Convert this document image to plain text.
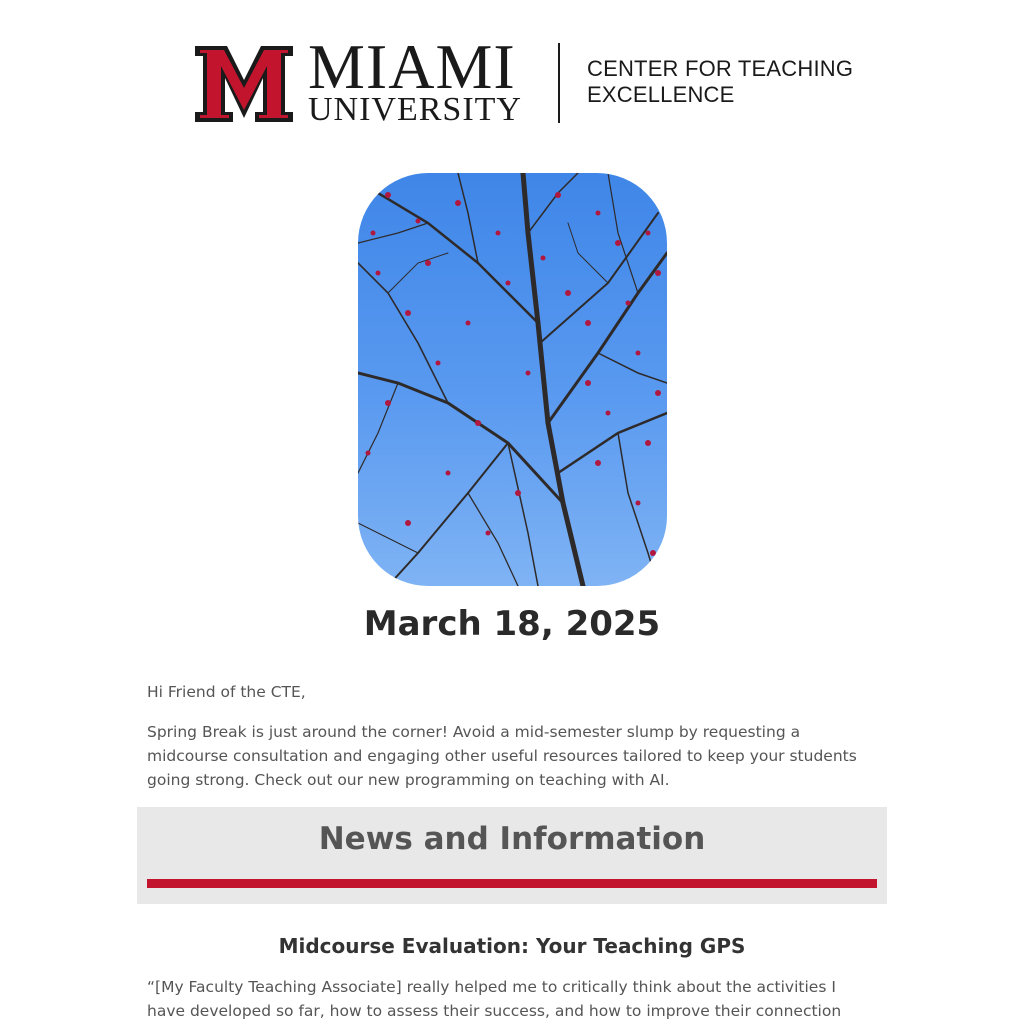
MIAMI
UNIVERSITY
CENTER FOR TEACHING
EXCELLENCE
March 18, 2025

Hi Friend of the CTE,

Spring Break is just around the corner! Avoid a mid-semester slump by requesting a midcourse consultation and engaging other useful resources tailored to keep your students going strong. Check out our new programming on teaching with AI.

News and Information
Midcourse Evaluation: Your Teaching GPS

“[My Faculty Teaching Associate] really helped me to critically think about the activities I have developed so far, how to assess their success, and how to improve their connection
